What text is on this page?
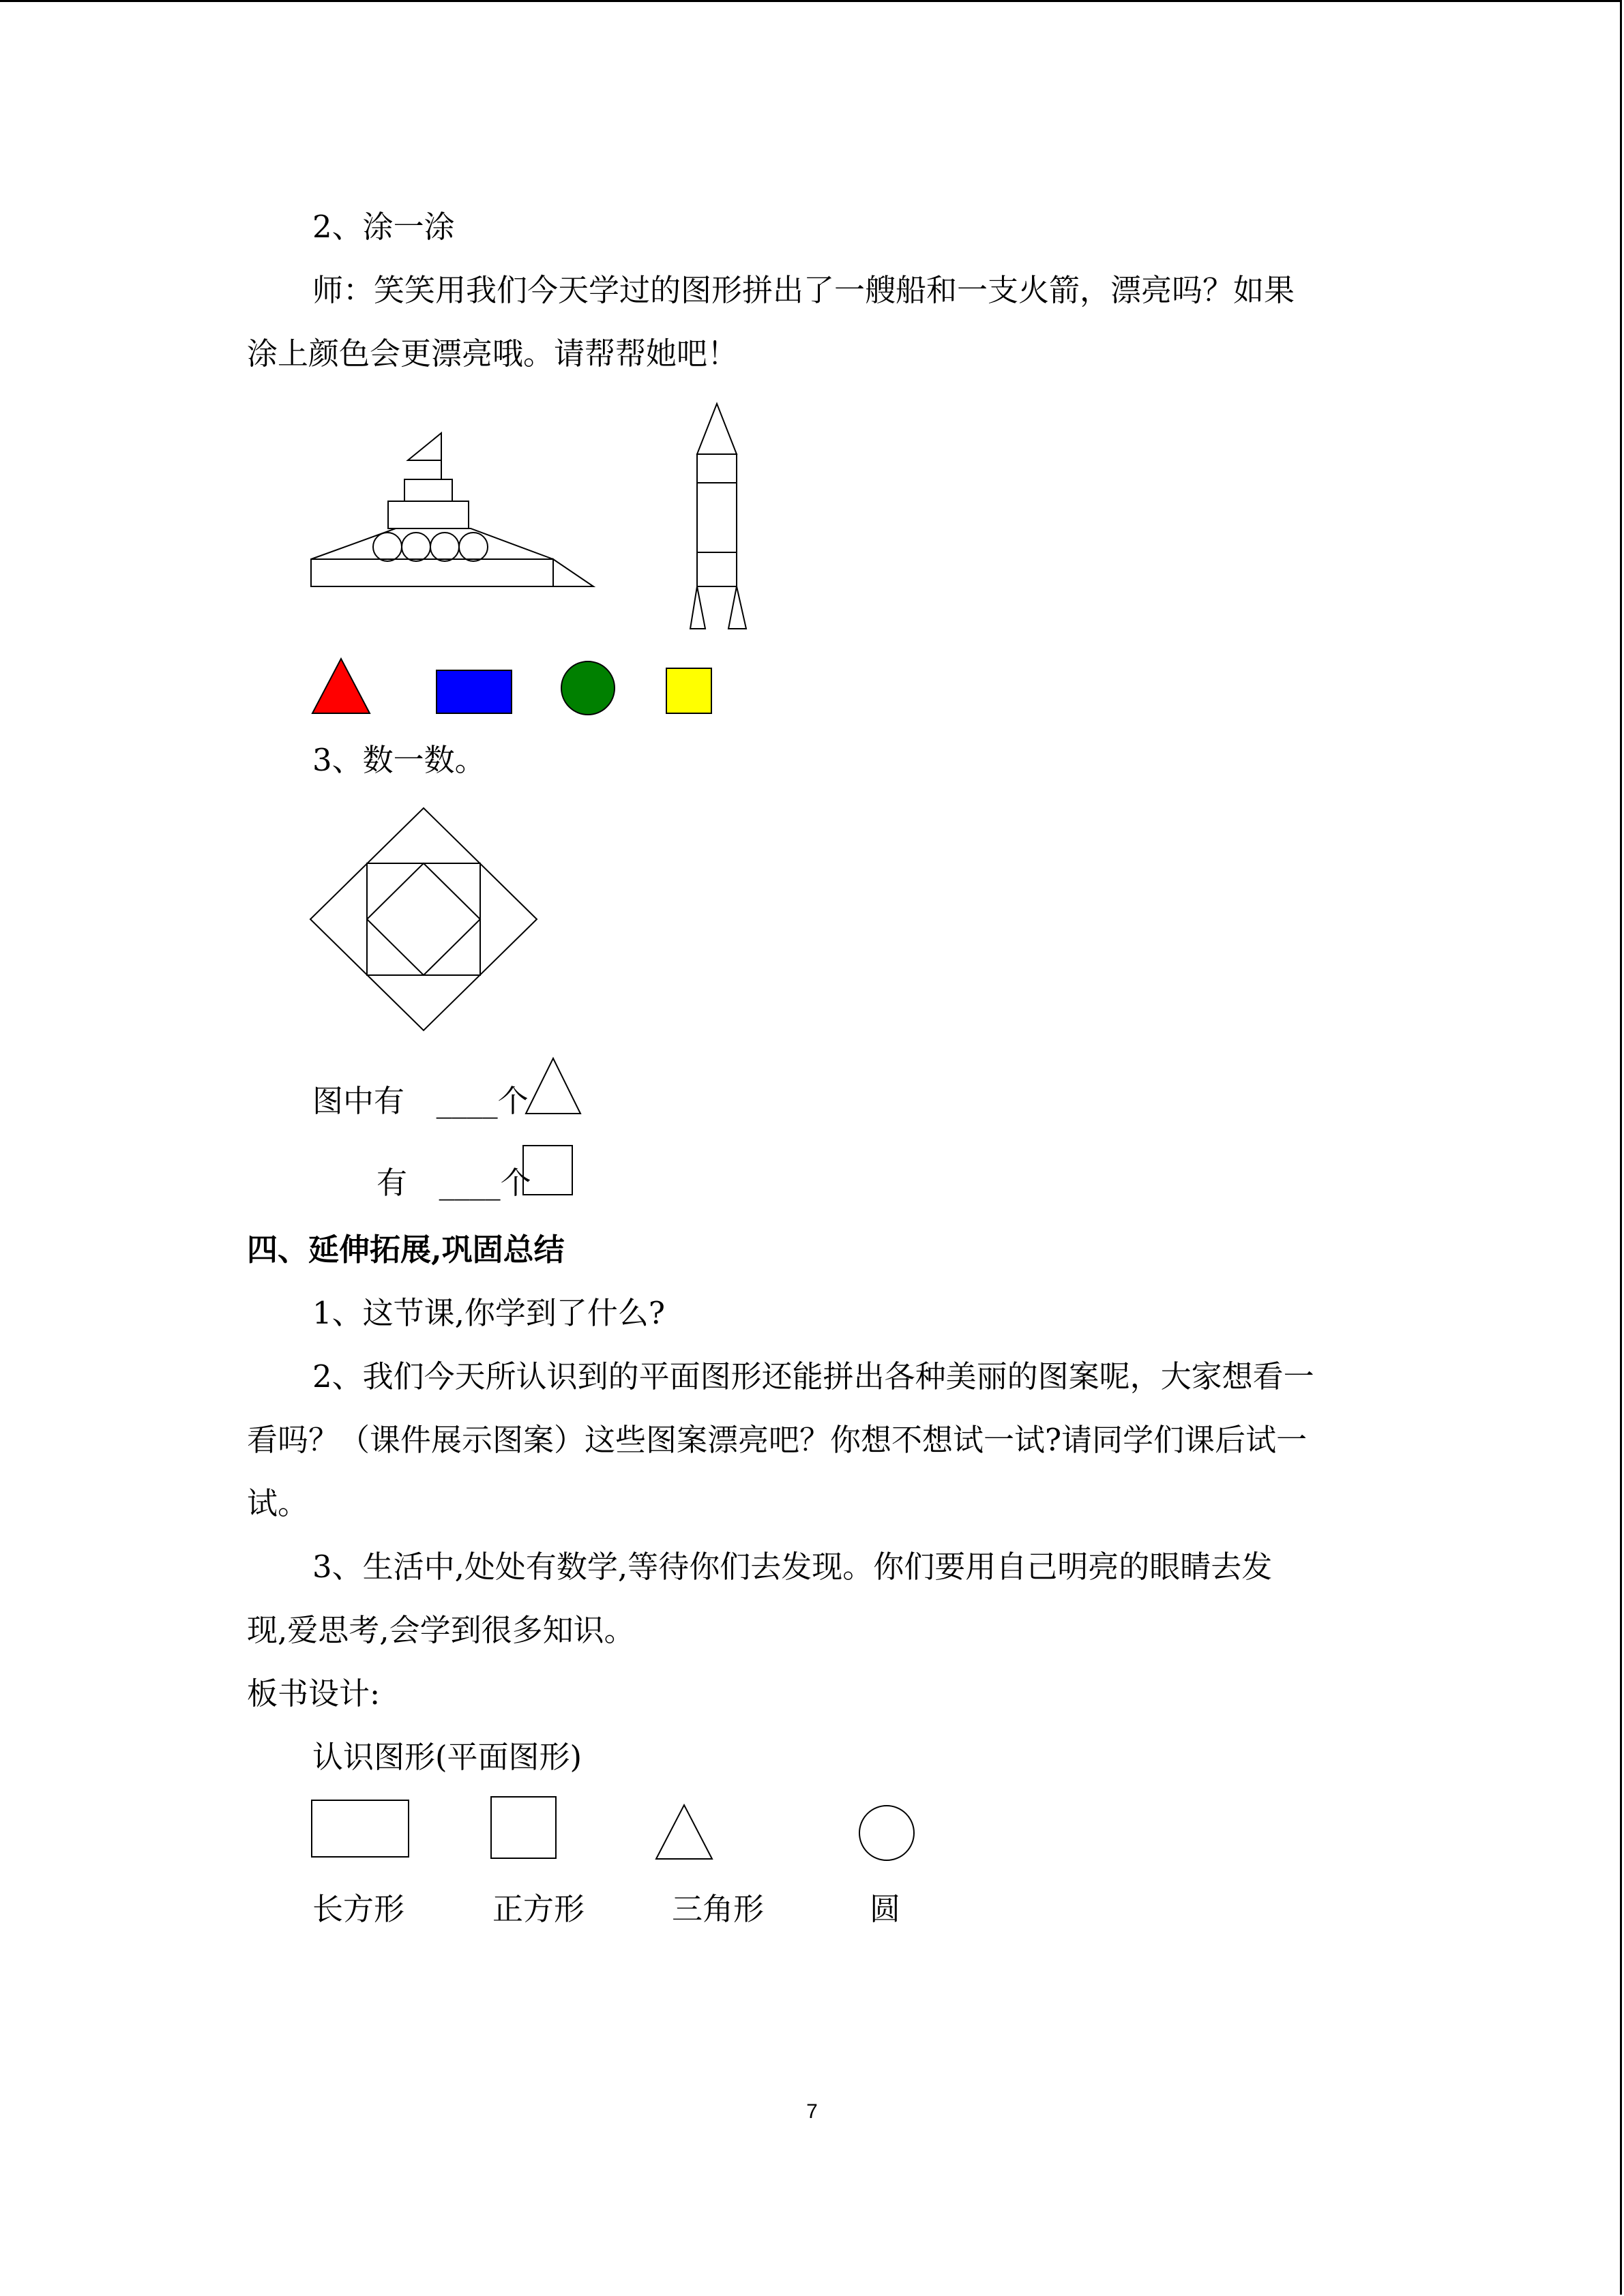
2、涂一涂
师：笑笑用我们今天学过的图形拼出了一艘船和一支火箭，漂亮吗？如果
涂上颜色会更漂亮哦。请帮帮她吧！
3、数一数。
图中有 ____个
有 ____个
四、延伸拓展,巩固总结
1、这节课,你学到了什么?
2、我们今天所认识到的平面图形还能拼出各种美丽的图案呢，大家想看一
看吗？（课件展示图案）这些图案漂亮吧？你想不想试一试?请同学们课后试一
试。
3、生活中,处处有数学,等待你们去发现。你们要用自己明亮的眼睛去发
现,爱思考,会学到很多知识。
板书设计:
认识图形(平面图形)
长方形	正方形	三角形	圆
7
